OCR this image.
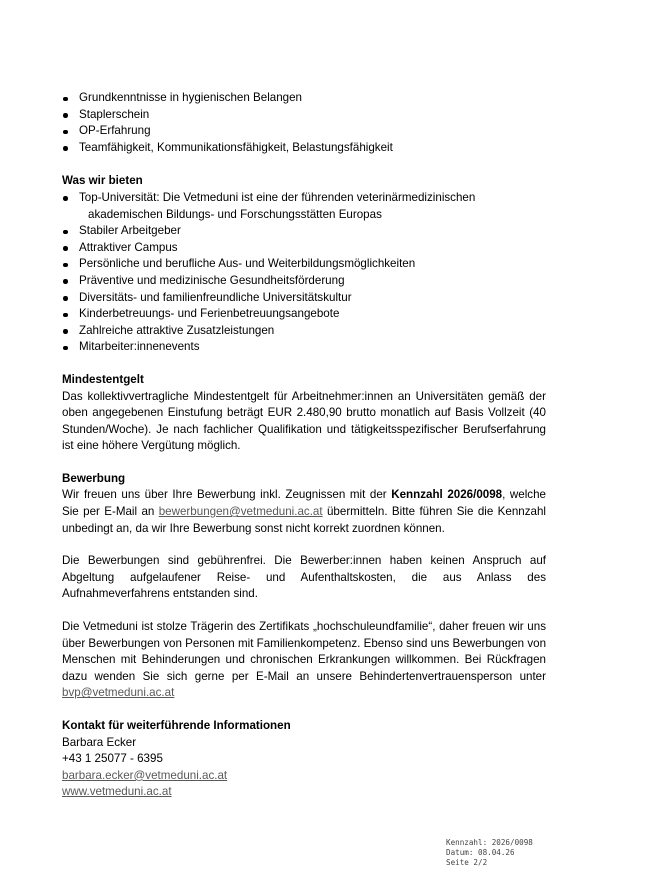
Grundkenntnisse in hygienischen Belangen
Staplerschein
OP-Erfahrung
Teamfähigkeit, Kommunikationsfähigkeit, Belastungsfähigkeit
Was wir bieten
Top-Universität: Die Vetmeduni ist eine der führenden veterinärmedizinischen
akademischen Bildungs- und Forschungsstätten Europas
Stabiler Arbeitgeber
Attraktiver Campus
Persönliche und berufliche Aus- und Weiterbildungsmöglichkeiten
Präventive und medizinische Gesundheitsförderung
Diversitäts- und familienfreundliche Universitätskultur
Kinderbetreuungs- und Ferienbetreuungsangebote
Zahlreiche attraktive Zusatzleistungen
Mitarbeiter:innenevents
Mindestentgelt

Das kollektivvertragliche Mindestentgelt für Arbeitnehmer:innen an Universitäten gemäß der oben angegebenen Einstufung beträgt EUR 2.480,90 brutto monatlich auf Basis Vollzeit (40 Stunden/Woche). Je nach fachlicher Qualifikation und tätigkeitsspezifischer Berufserfahrung ist eine höhere Vergütung möglich.

Bewerbung

Wir freuen uns über Ihre Bewerbung inkl. Zeugnissen mit der Kennzahl 2026/0098, welche Sie per E-Mail an bewerbungen@vetmeduni.ac.at übermitteln. Bitte führen Sie die Kennzahl unbedingt an, da wir Ihre Bewerbung sonst nicht korrekt zuordnen können.

Die Bewerbungen sind gebührenfrei. Die Bewerber:innen haben keinen Anspruch auf Abgeltung aufgelaufener Reise- und Aufenthaltskosten, die aus Anlass des Aufnahmeverfahrens entstanden sind.

Die Vetmeduni ist stolze Trägerin des Zertifikats „hochschuleundfamilie“, daher freuen wir uns über Bewerbungen von Personen mit Familienkompetenz. Ebenso sind uns Bewerbungen von Menschen mit Behinderungen und chronischen Erkrankungen willkommen. Bei Rückfragen dazu wenden Sie sich gerne per E-Mail an unsere Behindertenvertrauensperson unter bvp@vetmeduni.ac.at

Kontakt für weiterführende Informationen

Barbara Ecker

+43 1 25077 - 6395

barbara.ecker@vetmeduni.ac.at

www.vetmeduni.ac.at

Kennzahl: 2026/0098
Datum: 08.04.26
Seite 2/2
